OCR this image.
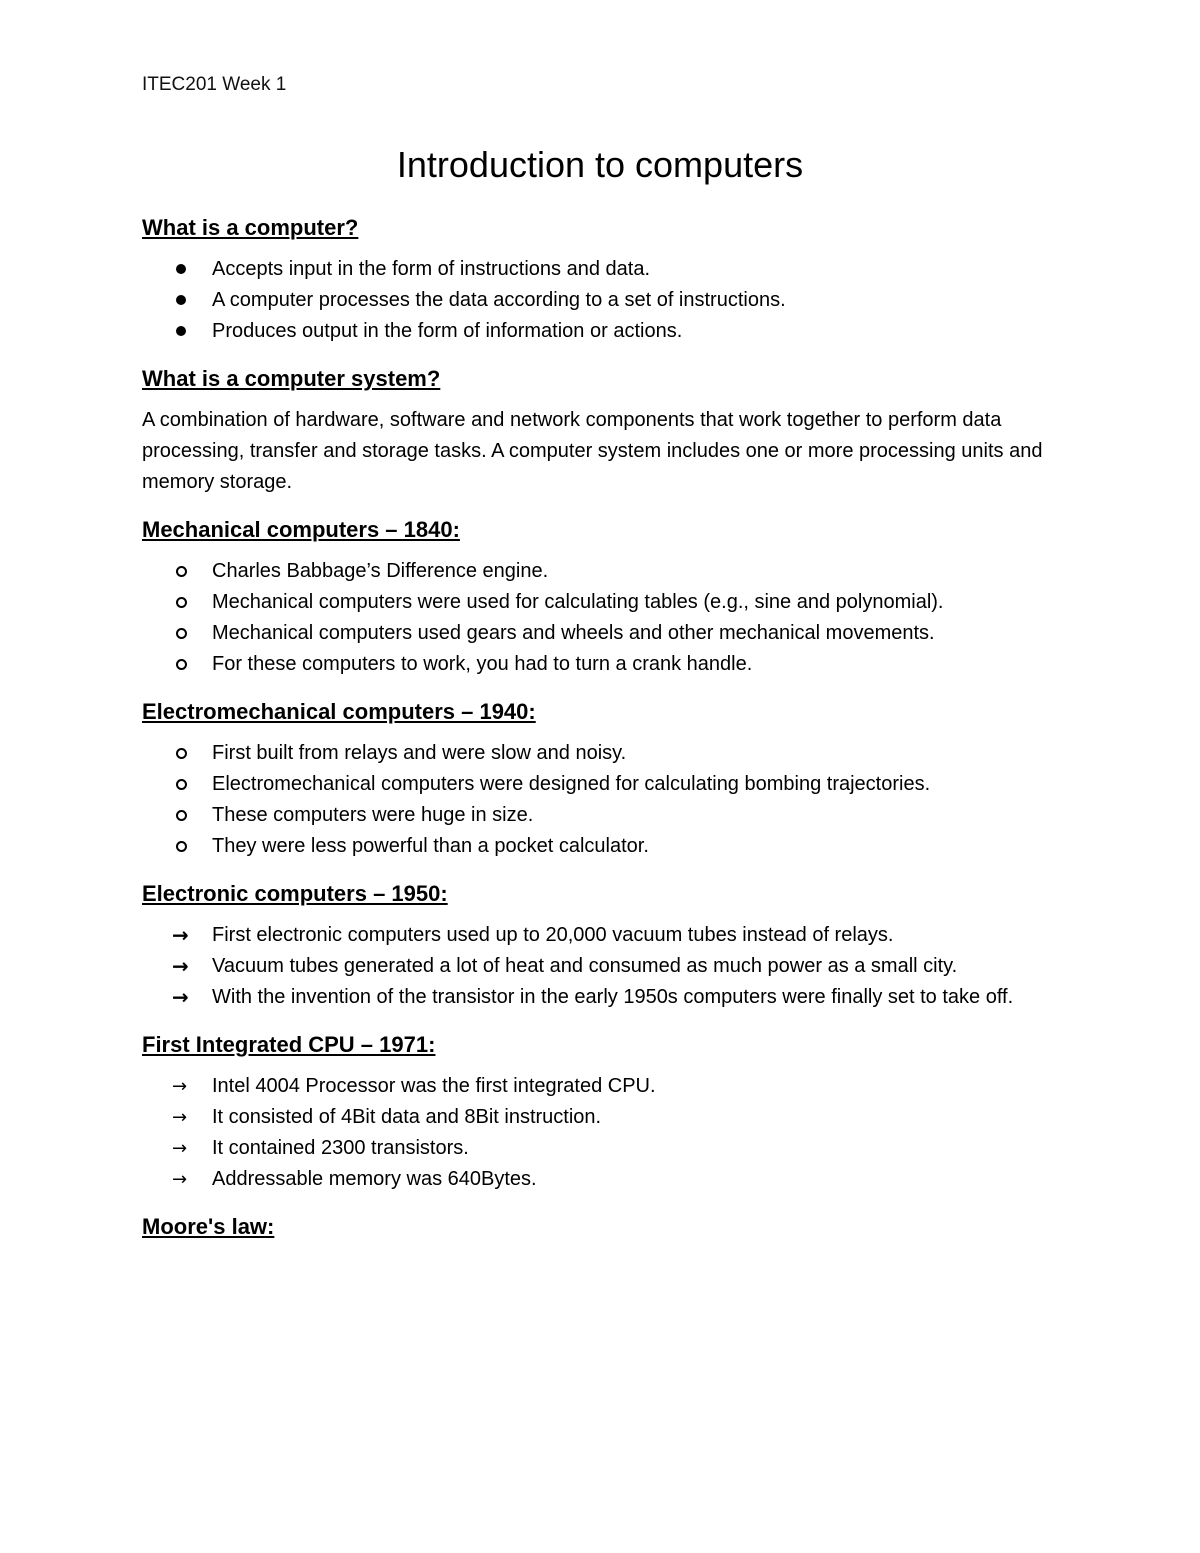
ITEC201 Week 1
Introduction to computers
What is a computer?
Accepts input in the form of instructions and data.
A computer processes the data according to a set of instructions.
Produces output in the form of information or actions.
What is a computer system?

A combination of hardware, software and network components that work together to perform data processing, transfer and storage tasks. A computer system includes one or more processing units and memory storage.

Mechanical computers – 1840:
Charles Babbage’s Difference engine.
Mechanical computers were used for calculating tables (e.g., sine and polynomial).
Mechanical computers used gears and wheels and other mechanical movements.
For these computers to work, you had to turn a crank handle.
Electromechanical computers – 1940:
First built from relays and were slow and noisy.
Electromechanical computers were designed for calculating bombing trajectories.
These computers were huge in size.
They were less powerful than a pocket calculator.
Electronic computers – 1950:
→ First electronic computers used up to 20,000 vacuum tubes instead of relays.
→ Vacuum tubes generated a lot of heat and consumed as much power as a small city.
→ With the invention of the transistor in the early 1950s computers were finally set to take off.
First Integrated CPU – 1971:
→ Intel 4004 Processor was the first integrated CPU.
→ It consisted of 4Bit data and 8Bit instruction.
→ It contained 2300 transistors.
→ Addressable memory was 640Bytes.
Moore's law:
